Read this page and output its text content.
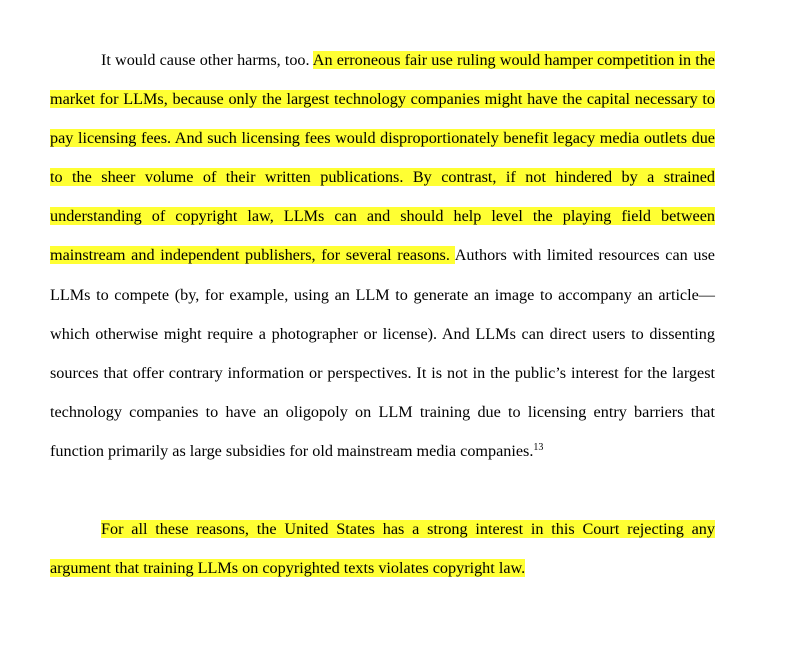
It would cause other harms, too. An erroneous fair use ruling would hamper competition in the market for LLMs, because only the largest technology companies might have the capital necessary to pay licensing fees. And such licensing fees would disproportionately benefit legacy media outlets due to the sheer volume of their written publications. By contrast, if not hindered by a strained understanding of copyright law, LLMs can and should help level the playing field between mainstream and independent publishers, for several reasons. Authors with limited resources can use LLMs to compete (by, for example, using an LLM to generate an image to accompany an article—which otherwise might require a photographer or license). And LLMs can direct users to dissenting sources that offer contrary information or perspectives. It is not in the public’s interest for the largest technology companies to have an oligopoly on LLM training due to licensing entry barriers that function primarily as large subsidies for old mainstream media companies.$^{13}$

For all these reasons, the United States has a strong interest in this Court rejecting any argument that training LLMs on copyrighted texts violates copyright law.
